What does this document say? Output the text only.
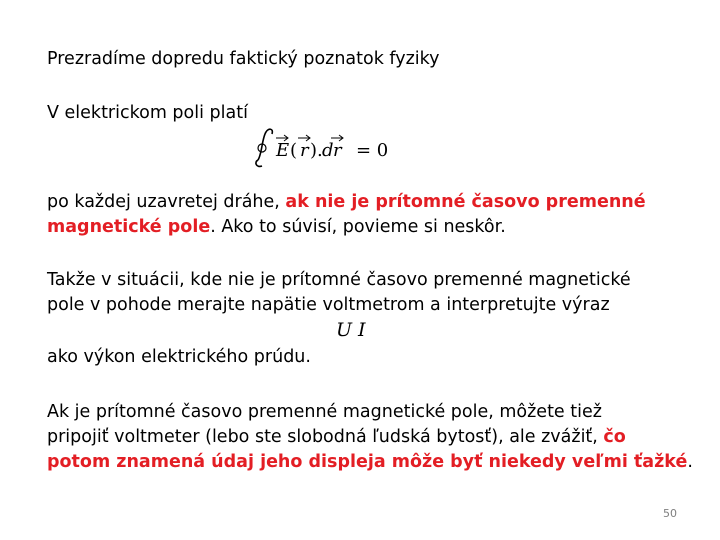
Prezradíme dopredu faktický poznatok fyziky
V elektrickom poli platí
E ( r ). d r = 0
po každej uzavretej dráhe, ak nie je prítomné časovo premenné
magnetické pole. Ako to súvisí, povieme si neskôr.
Takže v situácii, kde nie je prítomné časovo premenné magnetické
pole v pohode merajte napätie voltmetrom a interpretujte výraz
U I
ako výkon elektrického prúdu.
Ak je prítomné časovo premenné magnetické pole, môžete tiež
pripojiť voltmeter (lebo ste slobodná ľudská bytosť), ale zvážiť, čo
potom znamená údaj jeho displeja môže byť niekedy veľmi ťažké.
50
